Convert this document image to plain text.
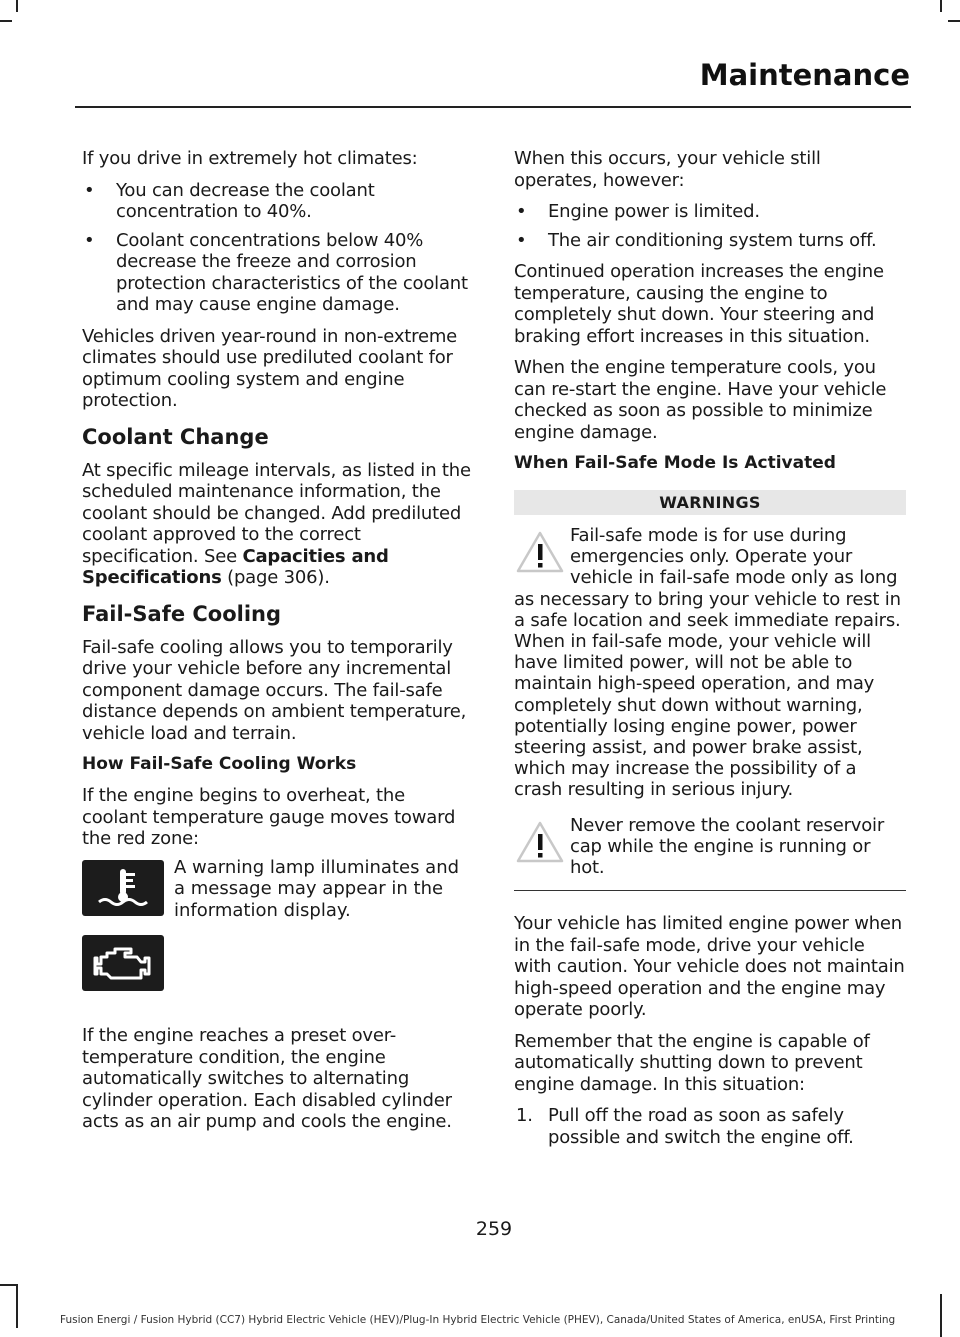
Maintenance

If you drive in extremely hot climates:

• You can decrease the coolant concentration to 40%.
• Coolant concentrations below 40% decrease the freeze and corrosion protection characteristics of the coolant and may cause engine damage.

Vehicles driven year-round in non-extreme climates should use prediluted coolant for optimum cooling system and engine protection.

Coolant Change

At specific mileage intervals, as listed in the scheduled maintenance information, the coolant should be changed. Add prediluted coolant approved to the correct specification. See Capacities and Specifications (page 306).

Fail-Safe Cooling

Fail-safe cooling allows you to temporarily drive your vehicle before any incremental component damage occurs. The fail-safe distance depends on ambient temperature, vehicle load and terrain.

How Fail-Safe Cooling Works

If the engine begins to overheat, the coolant temperature gauge moves toward the red zone:

A warning lamp illuminates and a message may appear in the information display.

If the engine reaches a preset over-temperature condition, the engine automatically switches to alternating cylinder operation. Each disabled cylinder acts as an air pump and cools the engine.

When this occurs, your vehicle still operates, however:

• Engine power is limited.
• The air conditioning system turns off.

Continued operation increases the engine temperature, causing the engine to completely shut down. Your steering and braking effort increases in this situation.

When the engine temperature cools, you can re-start the engine. Have your vehicle checked as soon as possible to minimize engine damage.

When Fail-Safe Mode Is Activated
WARNINGS
Fail-safe mode is for use during emergencies only. Operate your vehicle in fail-safe mode only as long as necessary to bring your vehicle to rest in a safe location and seek immediate repairs. When in fail-safe mode, your vehicle will have limited power, will not be able to maintain high-speed operation, and may completely shut down without warning, potentially losing engine power, power steering assist, and power brake assist, which may increase the possibility of a crash resulting in serious injury.
Never remove the coolant reservoir cap while the engine is running or hot.

Your vehicle has limited engine power when in the fail-safe mode, drive your vehicle with caution. Your vehicle does not maintain high-speed operation and the engine may operate poorly.

Remember that the engine is capable of automatically shutting down to prevent engine damage. In this situation:

1. Pull off the road as soon as safely possible and switch the engine off.
259
Fusion Energi / Fusion Hybrid (CC7) Hybrid Electric Vehicle (HEV)/Plug-In Hybrid Electric Vehicle (PHEV), Canada/United States of America, enUSA, First Printing
